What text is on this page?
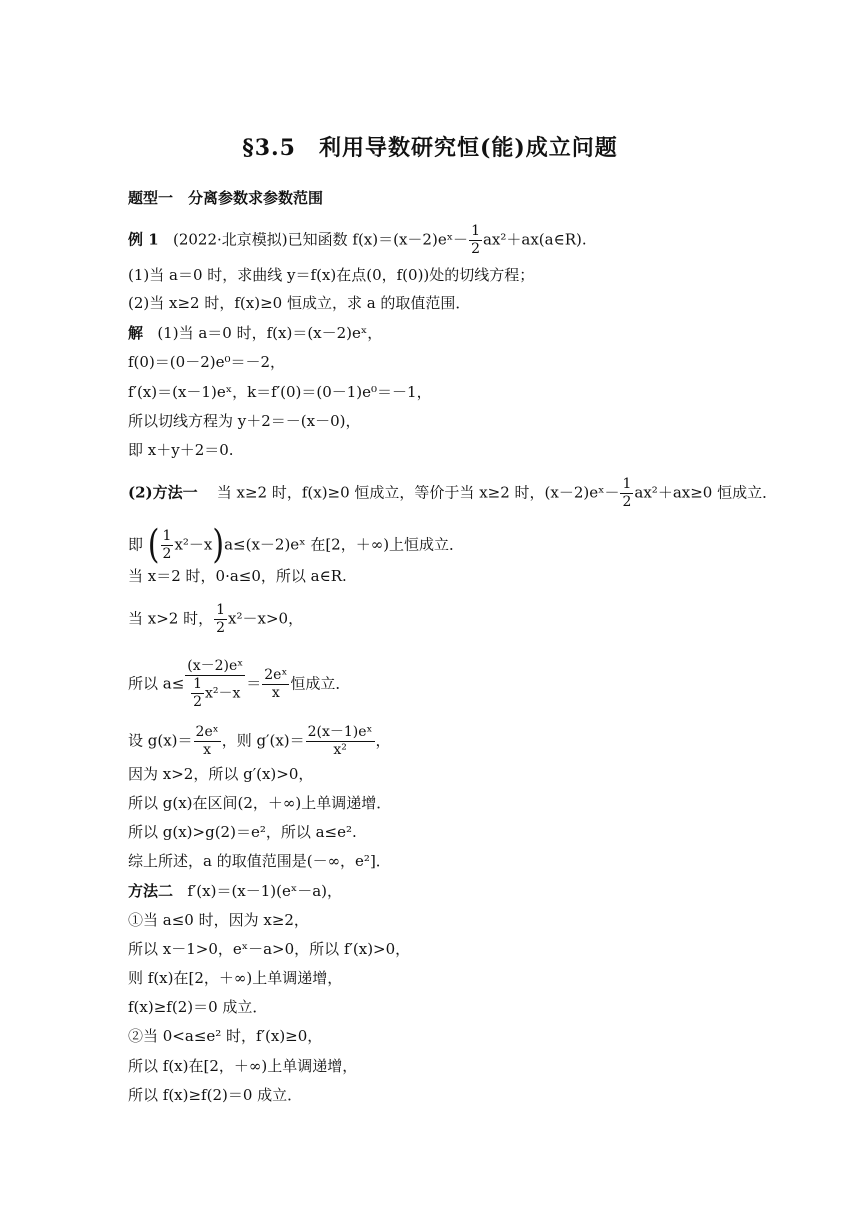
§3.5　利用导数研究恒(能)成立问题
题型一　分离参数求参数范围
例 1 (2022·北京模拟)已知函数 f(x)＝(x－2)eˣ－ $\frac{1}{2}$ ax²＋ax(a∈R).
(1)当 a＝0 时，求曲线 y＝f(x)在点(0，f(0))处的切线方程；
(2)当 x≥2 时，f(x)≥0 恒成立，求 a 的取值范围．
解 (1)当 a＝0 时，f(x)＝(x－2)eˣ，
f(0)＝(0－2)e⁰＝－2，
f′(x)＝(x－1)eˣ，k＝f′(0)＝(0－1)e⁰＝－1，
所以切线方程为 y＋2＝－(x－0)，
即 x＋y＋2＝0.
(2)方法一 当 x≥2 时，f(x)≥0 恒成立，等价于当 x≥2 时，(x－2)eˣ－ $\frac{1}{2} ax^2+ax\ge 0$ 恒成立．
即 ( $\frac{1}{2}$ x²－x)a≤(x－2)eˣ 在[2，＋∞)上恒成立．
当 x＝2 时，0·a≤0，所以 a∈R.
当 x>2 时， $\frac{1}{2} x^2-x>0$，
所以 $a\le \frac{\text{(x－2)eˣ}}{\frac{1}{2} x^2-x} = \frac{\text{2eˣ}}{x}$ 恒成立．
设 $g(x)= \frac{\text{2eˣ}}{x}$ ，则 $g'(x)= \frac{\text{2(x－1)eˣ}}{\text{x²}}$ ，
因为 x>2，所以 g′(x)>0，
所以 g(x)在区间(2，＋∞)上单调递增．
所以 g(x)>g(2)＝e²，所以 a≤e².
综上所述，a 的取值范围是(－∞，e²]．
方法二 f′(x)＝(x－1)(eˣ－a)，
①当 a≤0 时，因为 x≥2，
所以 x－1>0，eˣ－a>0，所以 f′(x)>0，
则 f(x)在[2，＋∞)上单调递增，
f(x)≥f(2)＝0 成立．
②当 0<a≤e² 时，f′(x)≥0，
所以 f(x)在[2，＋∞)上单调递增，
所以 f(x)≥f(2)＝0 成立．
